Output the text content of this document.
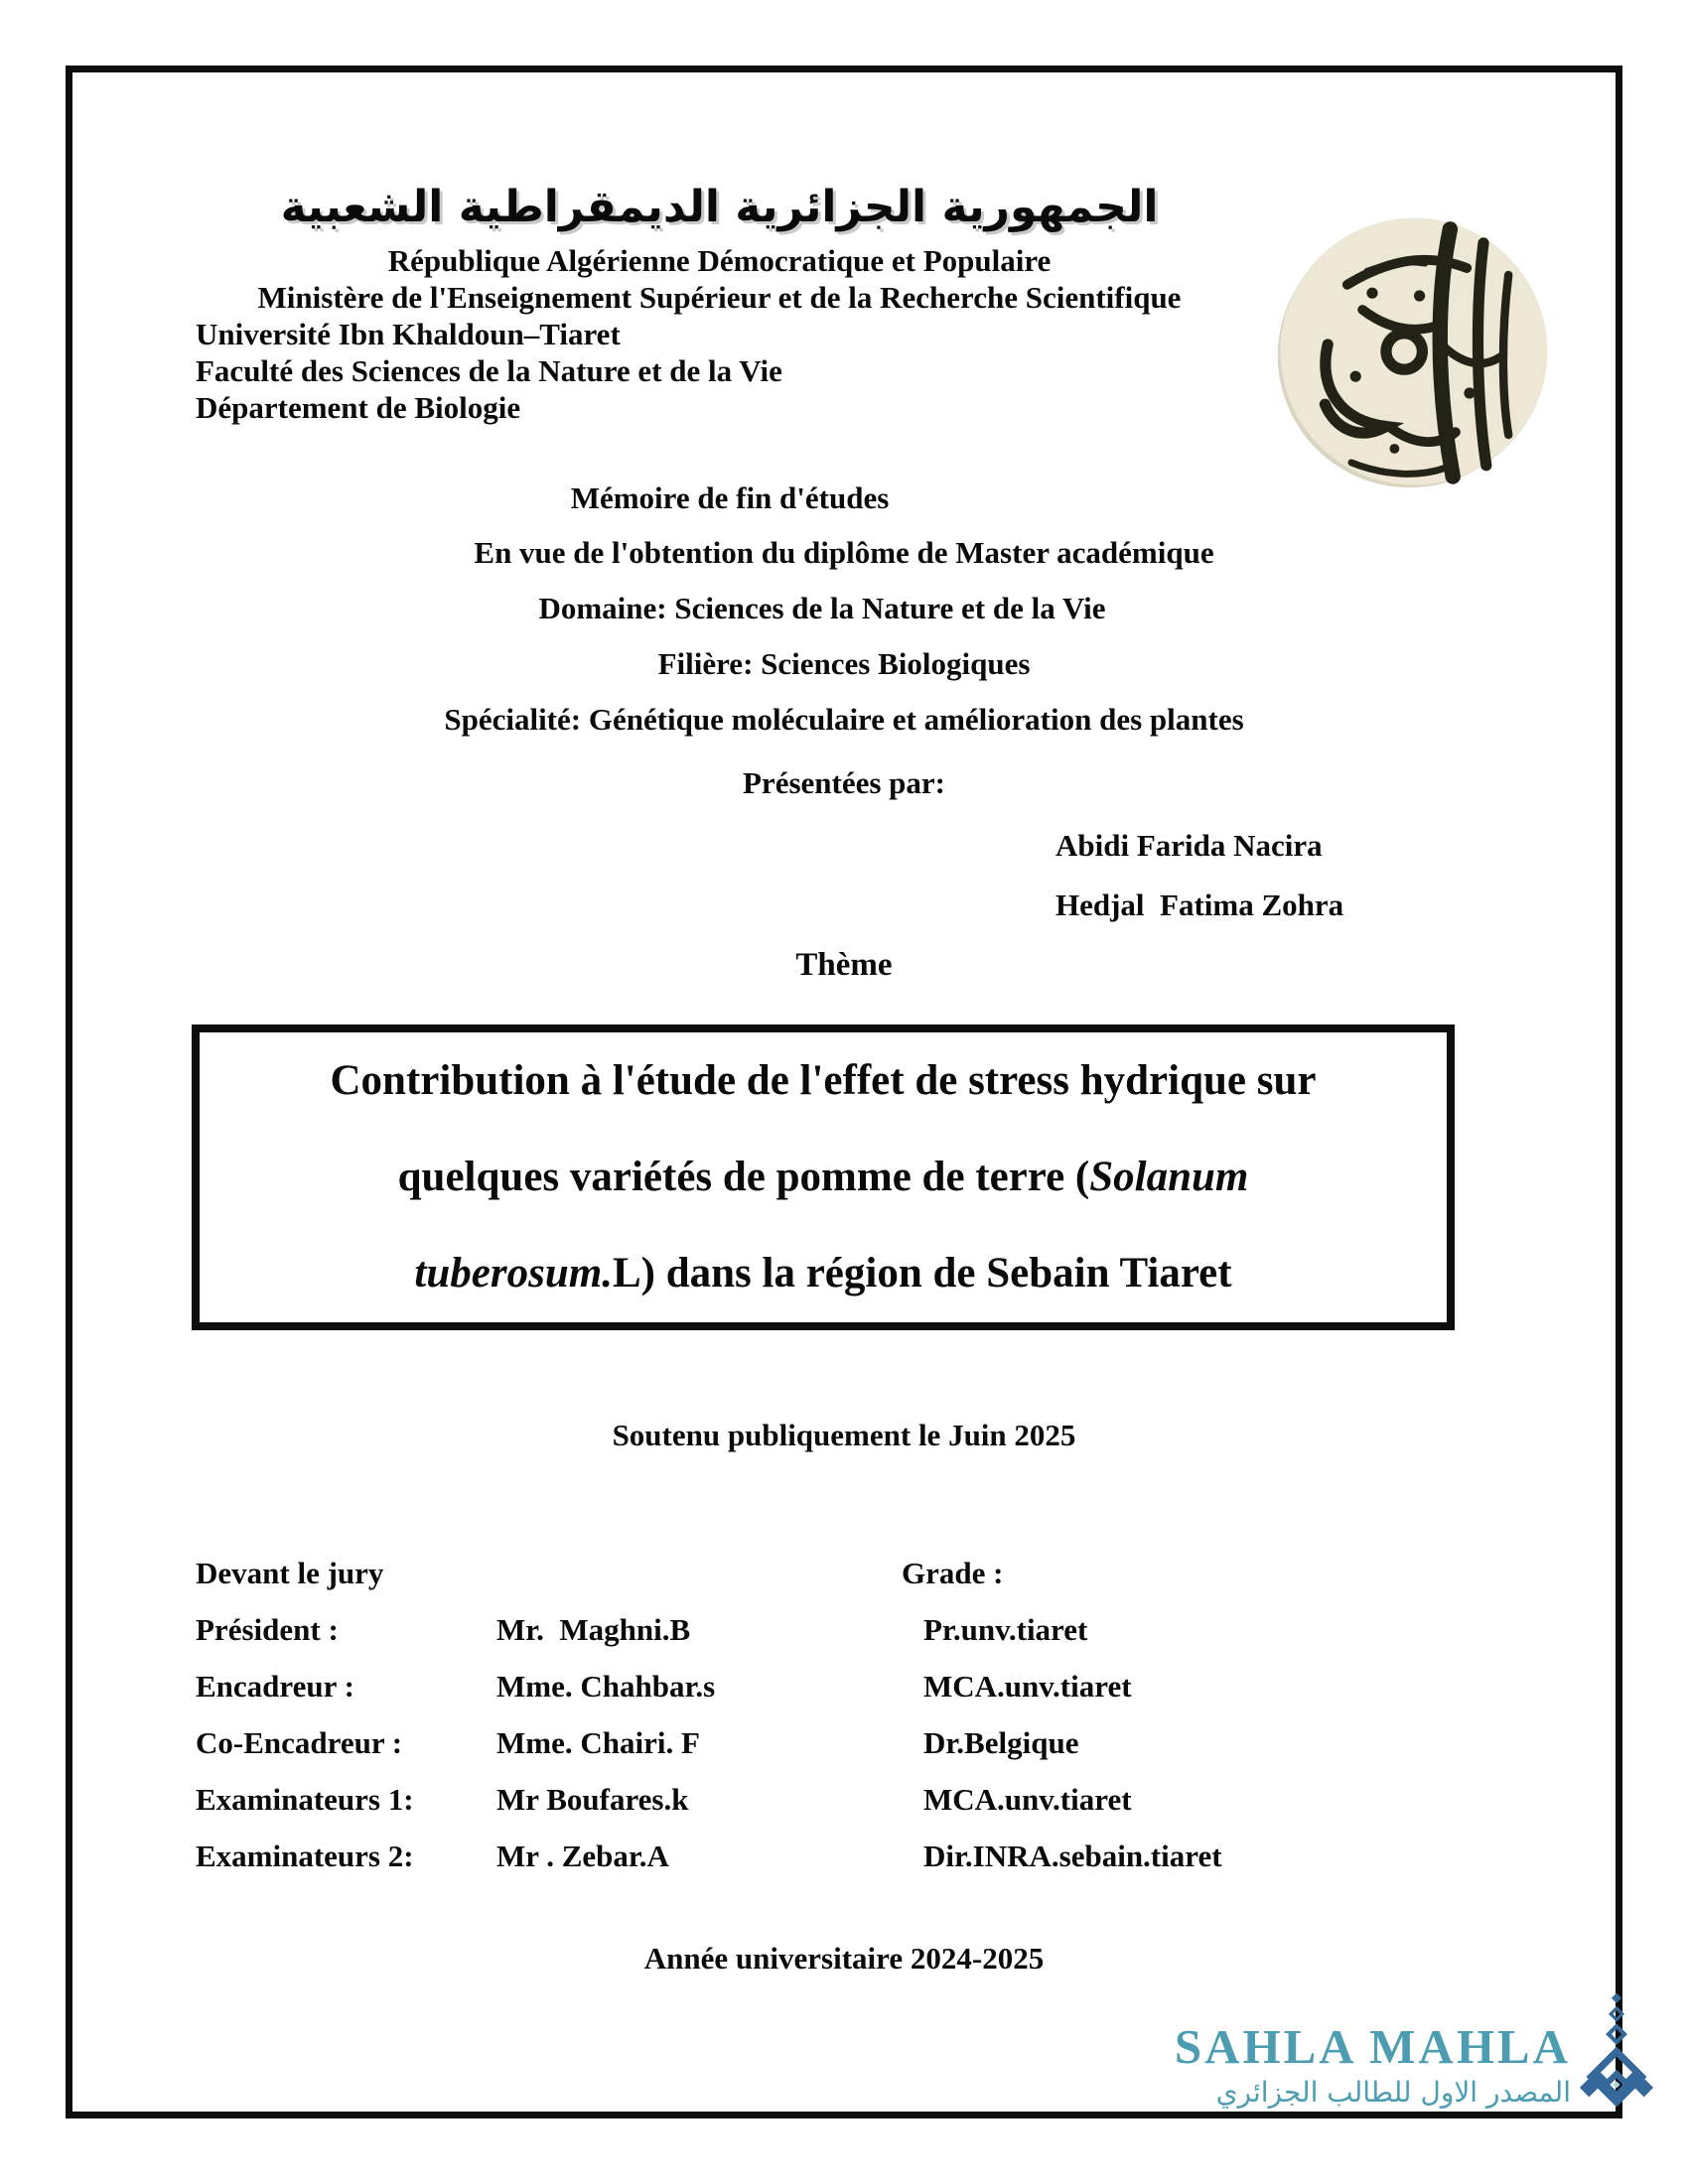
الجمهورية الجزائرية الديمقراطية الشعبية
République Algérienne Démocratique et Populaire
Ministère de l'Enseignement Supérieur et de la Recherche Scientifique
Université Ibn Khaldoun–Tiaret
Faculté des Sciences de la Nature et de la Vie
Département de Biologie
Mémoire de fin d'études
En vue de l'obtention du diplôme de Master académique
Domaine: Sciences de la Nature et de la Vie
Filière: Sciences Biologiques
Spécialité: Génétique moléculaire et amélioration des plantes
Présentées par:
Abidi Farida Nacira
Hedjal  Fatima Zohra
Thème
Contribution à l'étude de l'effet de stress hydrique sur
quelques variétés de pomme de terre (Solanum
tuberosum.L) dans la région de Sebain Tiaret
Soutenu publiquement le Juin 2025
Devant le jury	Grade :
Président :	Mr.  Maghni.B	Pr.unv.tiaret
Encadreur :	Mme. Chahbar.s	MCA.unv.tiaret
Co-Encadreur :	Mme. Chairi. F	Dr.Belgique
Examinateurs 1:	Mr Boufares.k	MCA.unv.tiaret
Examinateurs 2:	Mr . Zebar.A	Dir.INRA.sebain.tiaret
Année universitaire 2024-2025
SAHLA MAHLA
المصدر الاول للطالب الجزائري
